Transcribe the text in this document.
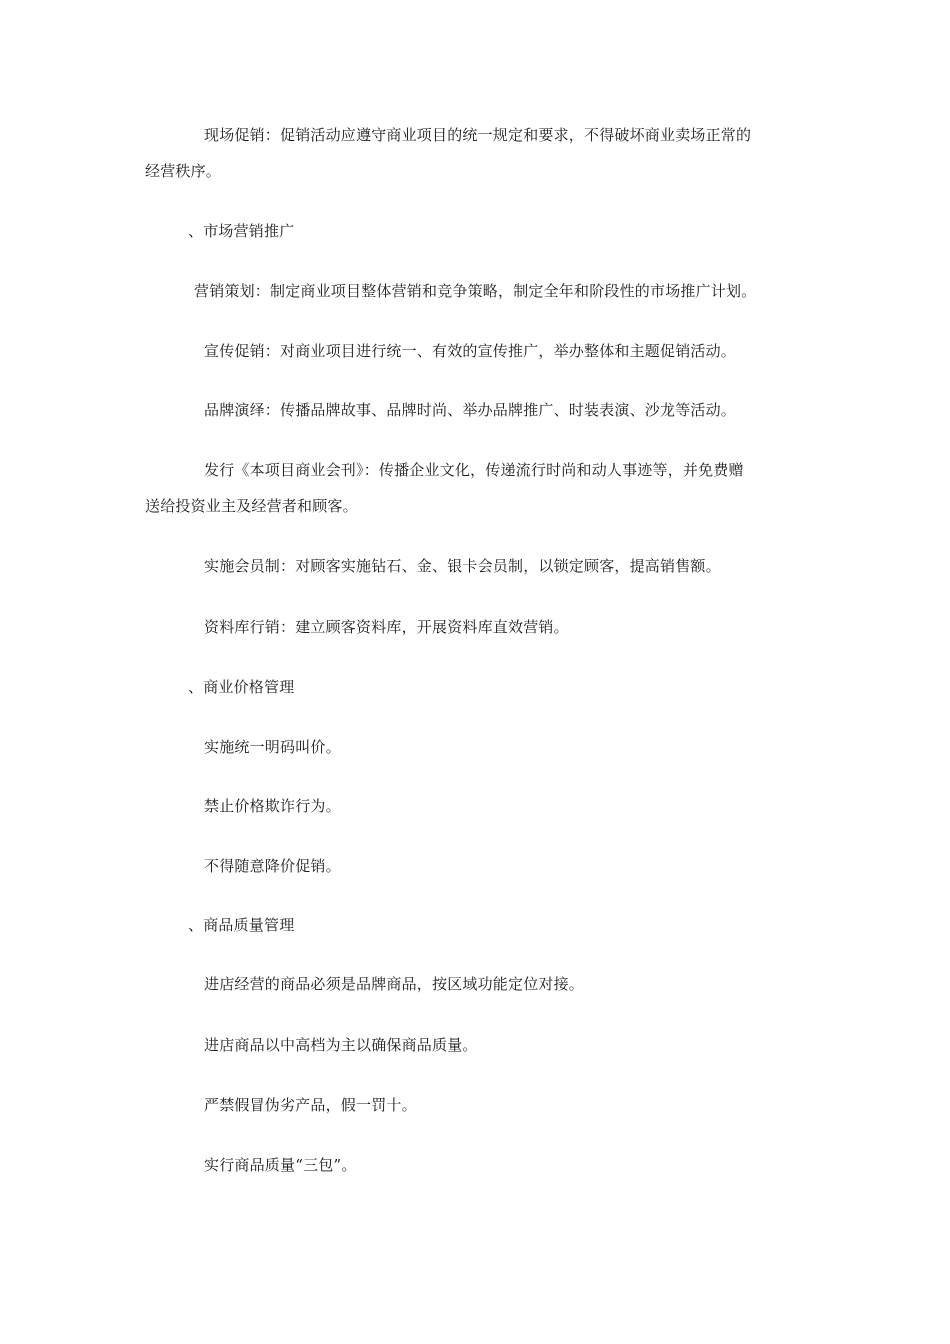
现场促销：促销活动应遵守商业项目的统一规定和要求，不得破坏商业卖场正常的
经营秩序。
、市场营销推广
营销策划：制定商业项目整体营销和竞争策略，制定全年和阶段性的市场推广计划。
宣传促销：对商业项目进行统一、有效的宣传推广，举办整体和主题促销活动。
品牌演绎：传播品牌故事、品牌时尚、举办品牌推广、时装表演、沙龙等活动。
发行《本项目商业会刊》：传播企业文化，传递流行时尚和动人事迹等，并免费赠
送给投资业主及经营者和顾客。
实施会员制：对顾客实施钻石、金、银卡会员制，以锁定顾客，提高销售额。
资料库行销：建立顾客资料库，开展资料库直效营销。
、商业价格管理
实施统一明码叫价。
禁止价格欺诈行为。
不得随意降价促销。
、商品质量管理
进店经营的商品必须是品牌商品，按区域功能定位对接。
进店商品以中高档为主以确保商品质量。
严禁假冒伪劣产品，假一罚十。
实行商品质量“三包”。
